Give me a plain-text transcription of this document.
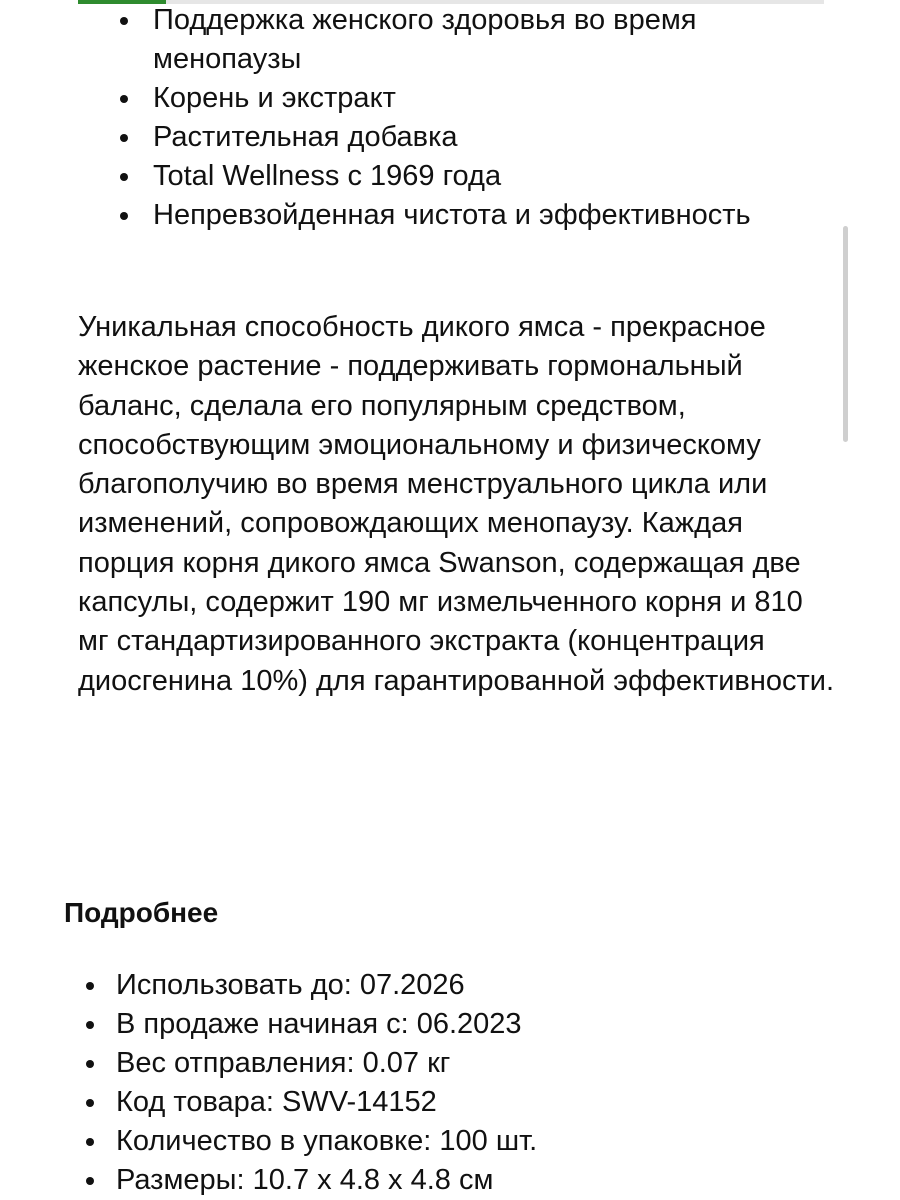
Поддержка женского здоровья во время менопаузы
Корень и экстракт
Растительная добавка
Total Wellness с 1969 года
Непревзойденная чистота и эффективность

Уникальная способность дикого ямса - прекрасное женское растение - поддерживать гормональный баланс, сделала его популярным средством, способствующим эмоциональному и физическому благополучию во время менструального цикла или изменений, сопровождающих менопаузу. Каждая порция корня дикого ямса Swanson, содержащая две капсулы, содержит 190 мг измельченного корня и 810 мг стандартизированного экстракта (концентрация диосгенина 10%) для гарантированной эффективности.

Подробнее
Использовать до: 07.2026
В продаже начиная с: 06.2023
Вес отправления: 0.07 кг
Код товара: SWV-14152
Количество в упаковке: 100 шт.
Размеры: 10.7 x 4.8 x 4.8 см
